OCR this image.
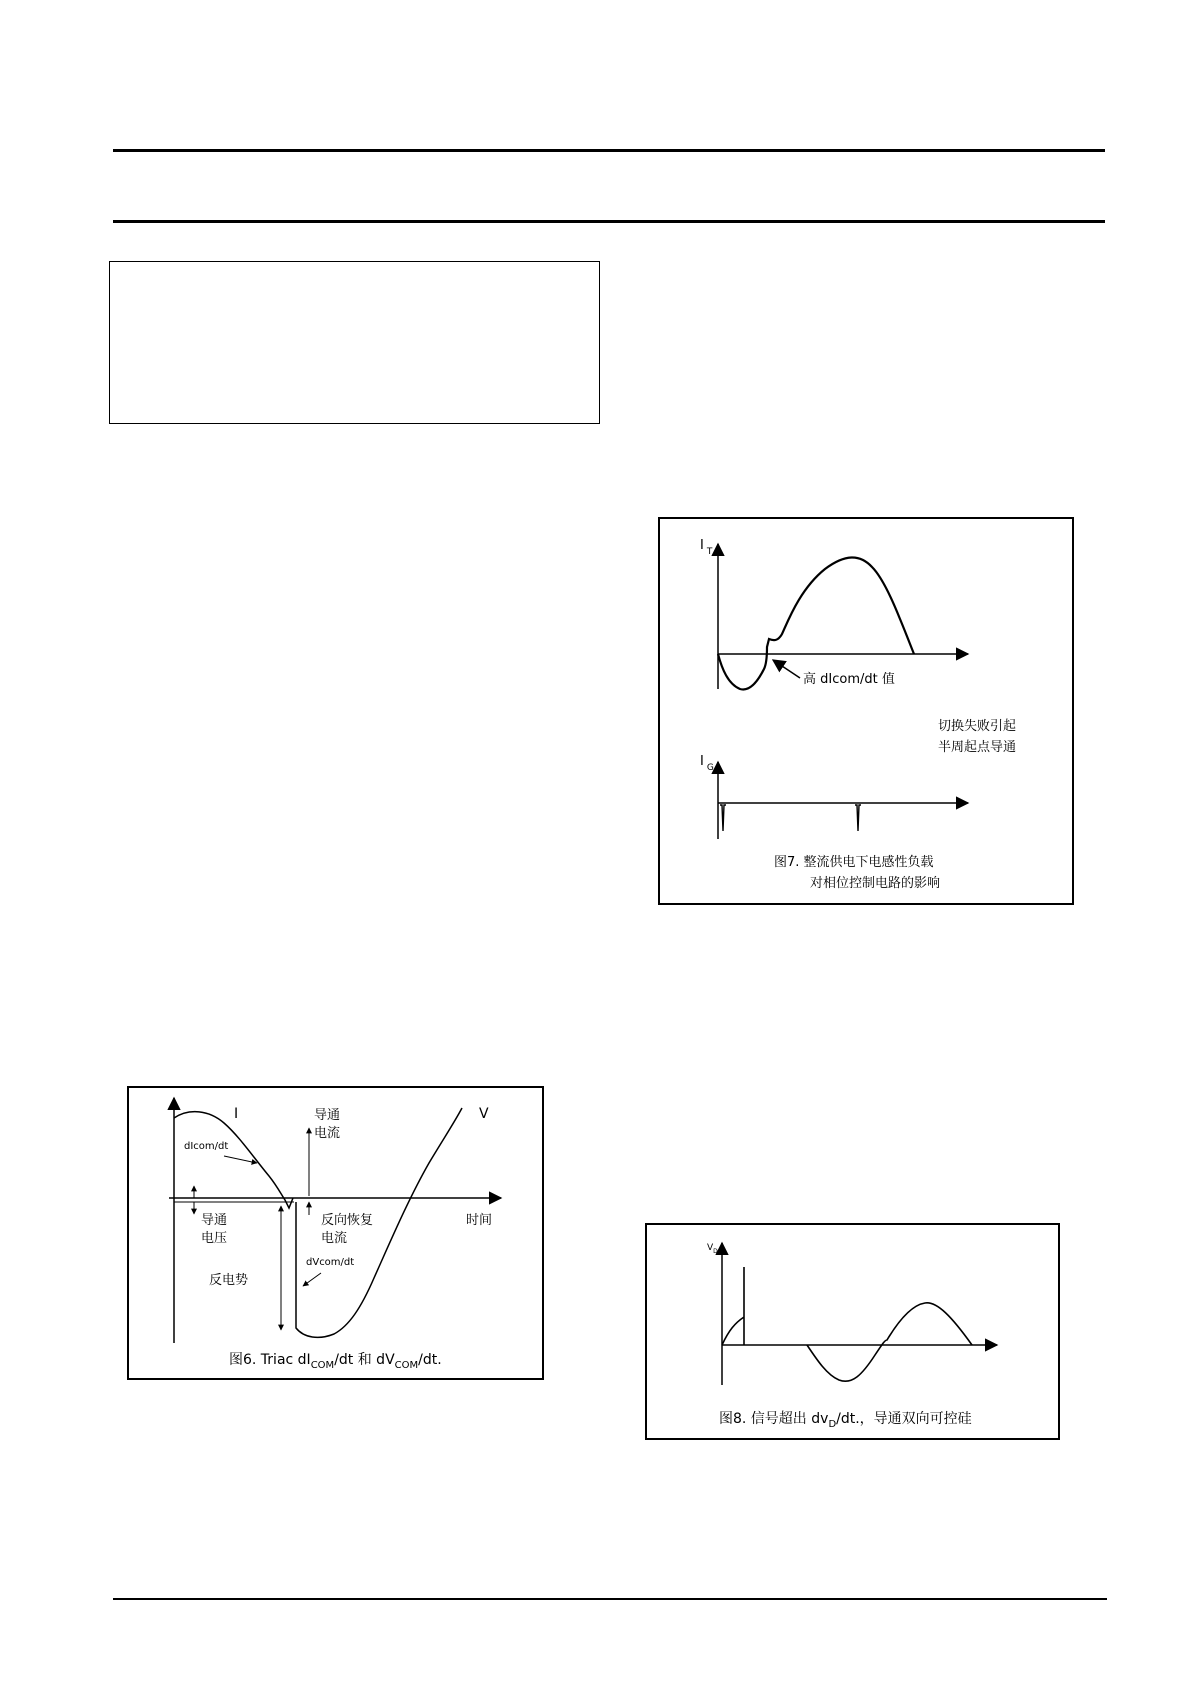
I $_T$
高 dIcom/dt 值
切换失败引起
半周起点导通
I $_G$
图7. 整流供电下电感性负载
对相位控制电路的影响
I	V
dIcom/dt
导通
电流
导通
电压
反向恢复
电流
时间
反电势
dVcom/dt
图6. Triac $dI_{COM}/dt$ 和 $dV_{COM}/dt$.
$V_D$
图8. 信号超出 $dv_D/dt$.，导通双向可控硅
